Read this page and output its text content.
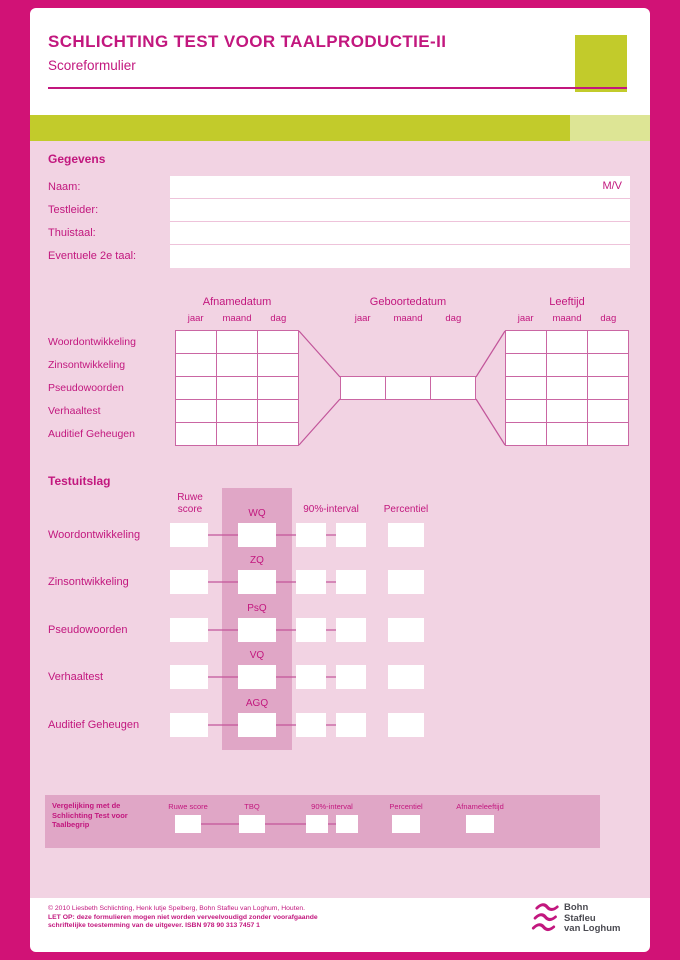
SCHLICHTING TEST VOOR TAALPRODUCTIE-II
Scoreformulier
Gegevens
Naam:
Testleider:
Thuistaal:
Eventuele 2e taal:
M/V
Afnamedatum	Geboortedatum	Leeftijd
jaar	maand	dag	jaar	maand	dag	jaar	maand	dag
Woordontwikkeling
Zinsontwikkeling
Pseudowoorden
Verhaaltest
Auditief Geheugen
Testuitslag
Ruwe score	90%-interval	Percentiel
WQ
Woordontwikkeling
ZQ
Zinsontwikkeling
PsQ
Pseudowoorden
VQ
Verhaaltest
AGQ
Auditief Geheugen
Vergelijking met de
Schlichting Test voor
Taalbegrip
Ruwe score	TBQ	90%-interval	Percentiel	Afnameleeftijd
© 2010 Liesbeth Schlichting, Henk lutje Spelberg, Bohn Stafleu van Loghum, Houten.
LET OP: deze formulieren mogen niet worden verveelvoudigd zonder voorafgaande
schriftelijke toestemming van de uitgever. ISBN 978 90 313 7457 1
Bohn
Stafleu
van Loghum
